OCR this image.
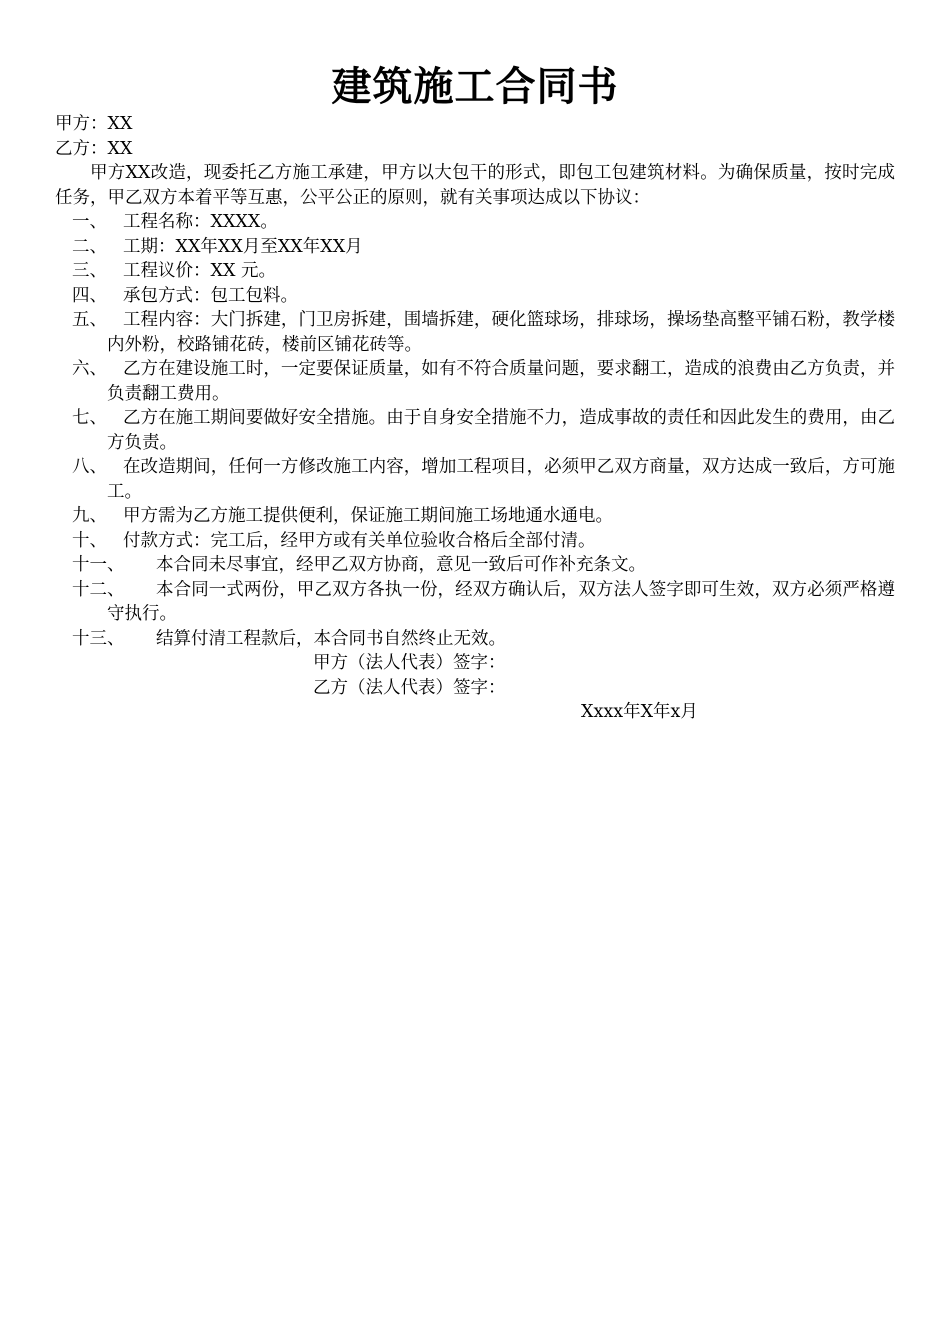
建筑施工合同书
甲方：XX
乙方：XX
甲方XX改造，现委托乙方施工承建，甲方以大包干的形式，即包工包建筑材料。为确保质量，按时完成任务，甲乙双方本着平等互惠，公平公正的原则，就有关事项达成以下协议：
一、 工程名称：XXXX。
二、 工期：XX年XX月至XX年XX月
三、 工程议价：XX 元。
四、 承包方式：包工包料。
五、 工程内容：大门拆建，门卫房拆建，围墙拆建，硬化篮球场，排球场，操场垫高整平铺石粉，教学楼内外粉，校路铺花砖，楼前区铺花砖等。
六、 乙方在建设施工时，一定要保证质量，如有不符合质量问题，要求翻工，造成的浪费由乙方负责，并负责翻工费用。
七、 乙方在施工期间要做好安全措施。由于自身安全措施不力，造成事故的责任和因此发生的费用，由乙方负责。
八、 在改造期间，任何一方修改施工内容，增加工程项目，必须甲乙双方商量，双方达成一致后，方可施工。
九、 甲方需为乙方施工提供便利，保证施工期间施工场地通水通电。
十、 付款方式：完工后，经甲方或有关单位验收合格后全部付清。
十一、	本合同未尽事宜，经甲乙双方协商，意见一致后可作补充条文。
十二、	本合同一式两份，甲乙双方各执一份，经双方确认后，双方法人签字即可生效，双方必须严格遵守执行。
十三、	结算付清工程款后，本合同书自然终止无效。
甲方（法人代表）签字：
乙方（法人代表）签字：
Xxxx年X年x月
